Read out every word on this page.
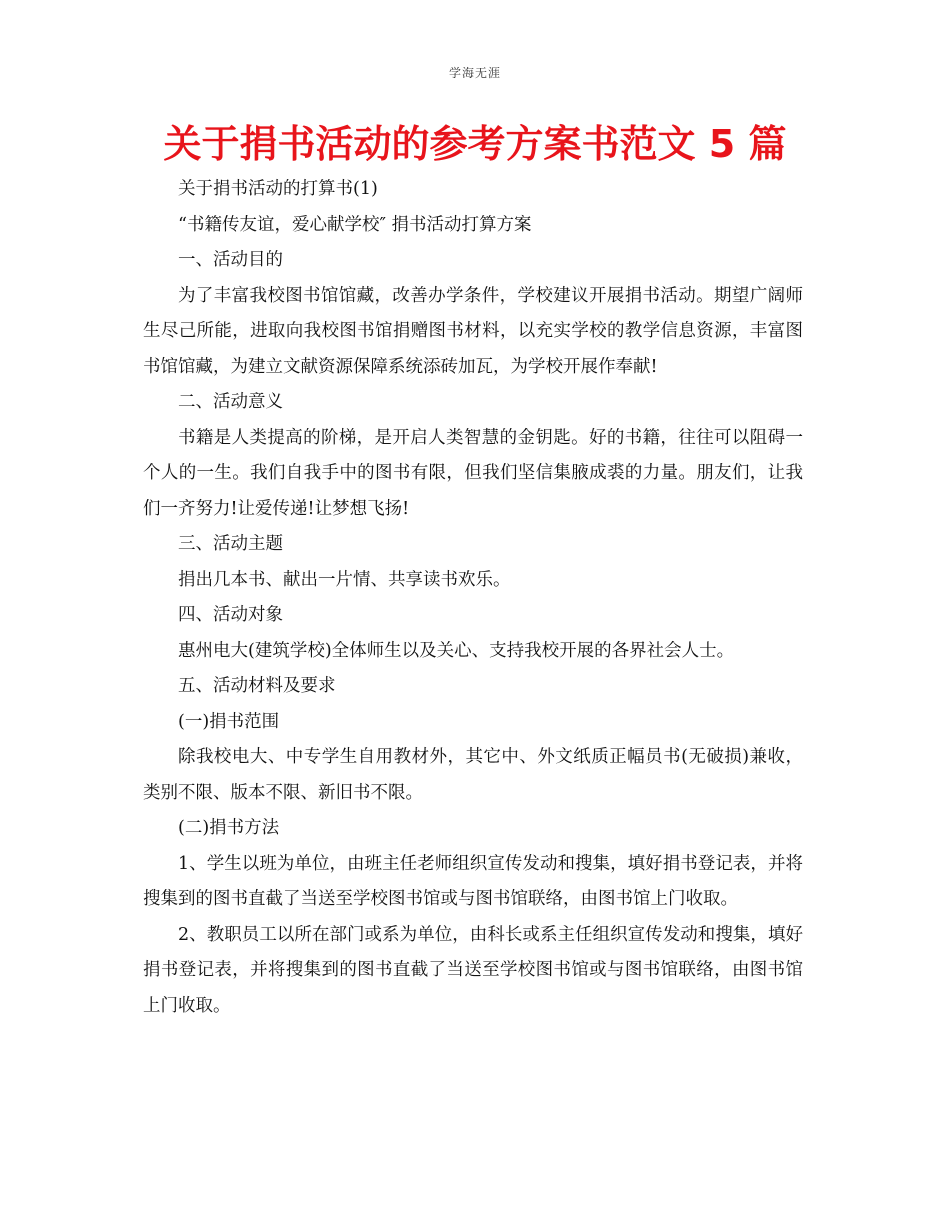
学海无涯
关于捐书活动的参考方案书范文 5 篇

关于捐书活动的打算书(1)

“书籍传友谊，爱心献学校″ 捐书活动打算方案

一、活动目的

为了丰富我校图书馆馆藏，改善办学条件，学校建议开展捐书活动。期望广阔师生尽己所能，进取向我校图书馆捐赠图书材料，以充实学校的教学信息资源，丰富图书馆馆藏，为建立文献资源保障系统添砖加瓦，为学校开展作奉献!

二、活动意义

书籍是人类提高的阶梯，是开启人类智慧的金钥匙。好的书籍，往往可以阻碍一个人的一生。我们自我手中的图书有限，但我们坚信集腋成裘的力量。朋友们，让我们一齐努力!让爱传递!让梦想飞扬!

三、活动主题

捐出几本书、献出一片情、共享读书欢乐。

四、活动对象

惠州电大(建筑学校)全体师生以及关心、支持我校开展的各界社会人士。

五、活动材料及要求

(一)捐书范围

除我校电大、中专学生自用教材外，其它中、外文纸质正幅员书(无破损)兼收，类别不限、版本不限、新旧书不限。

(二)捐书方法

1、学生以班为单位，由班主任老师组织宣传发动和搜集，填好捐书登记表，并将搜集到的图书直截了当送至学校图书馆或与图书馆联络，由图书馆上门收取。

2、教职员工以所在部门或系为单位，由科长或系主任组织宣传发动和搜集，填好捐书登记表，并将搜集到的图书直截了当送至学校图书馆或与图书馆联络，由图书馆上门收取。
